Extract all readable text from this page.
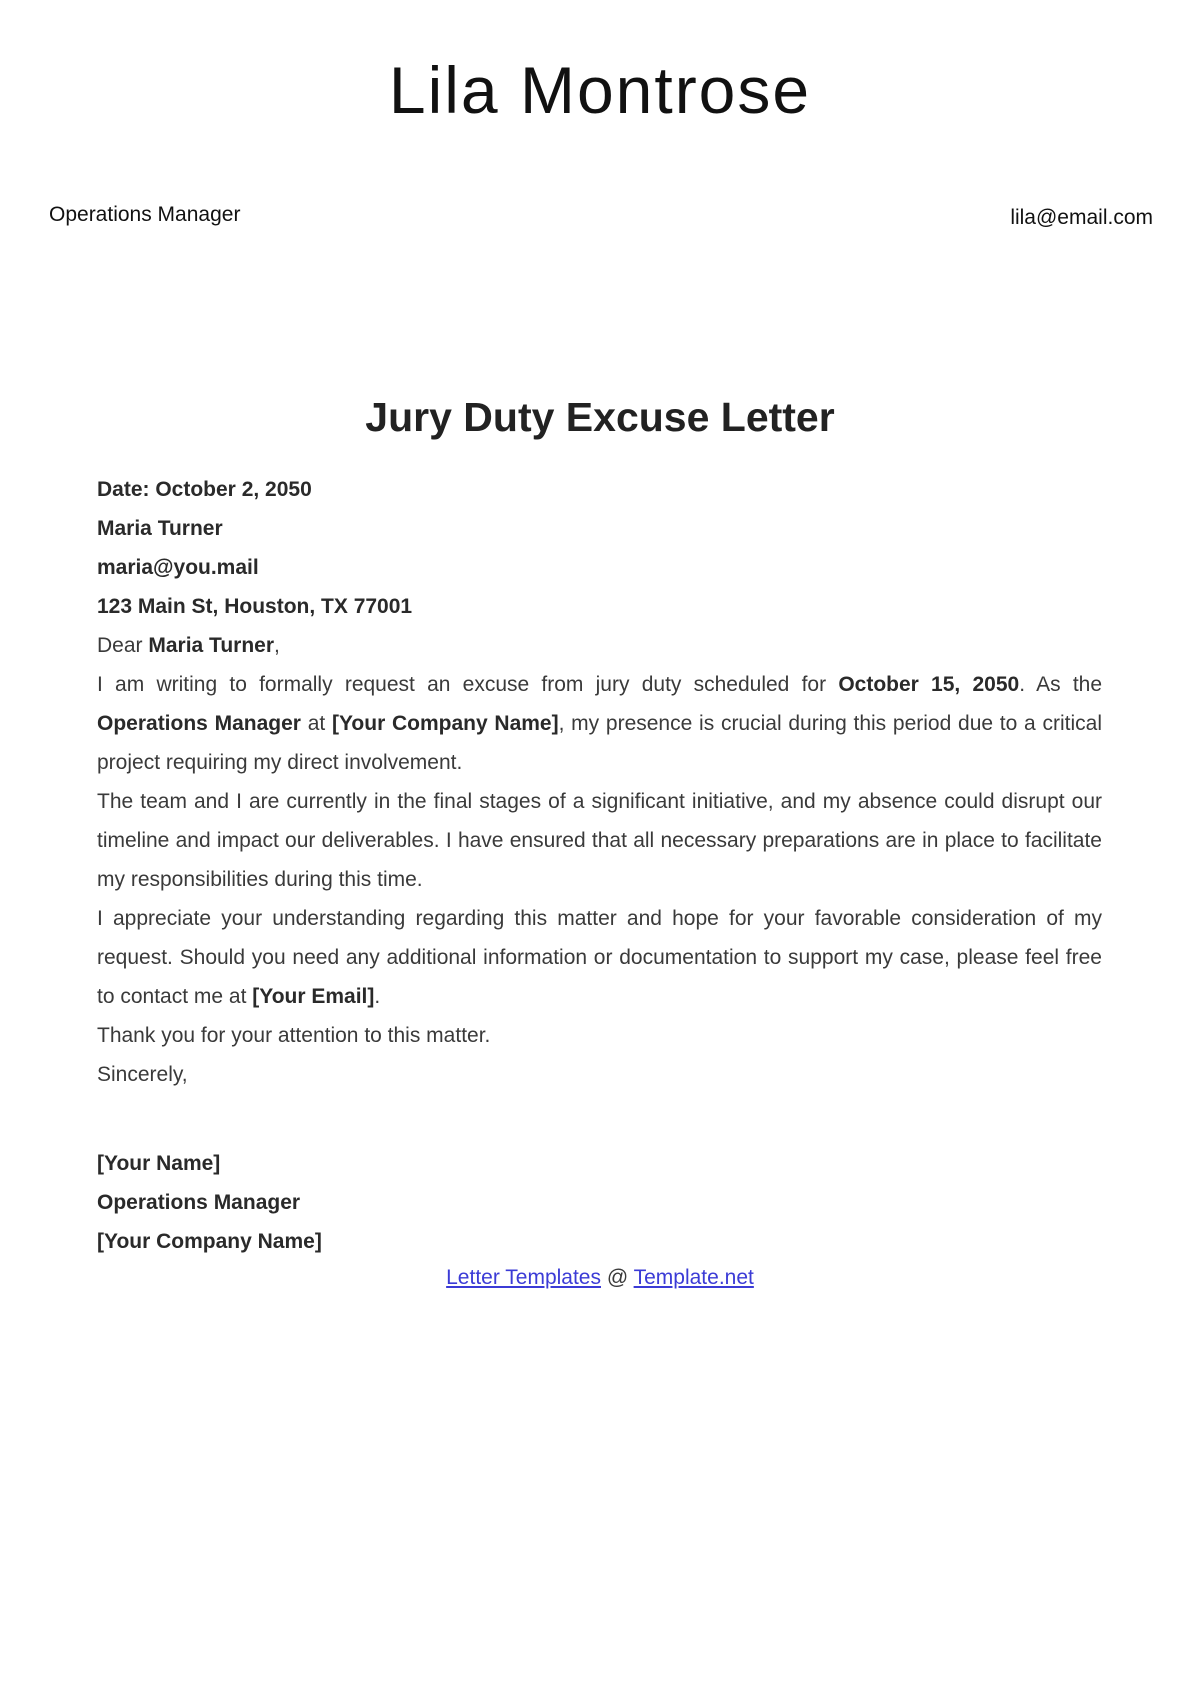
Lila Montrose
Operations Manager	lila@email.com
Jury Duty Excuse Letter
Date: October 2, 2050
Maria Turner
maria@you.mail
123 Main St, Houston, TX 77001
Dear Maria Turner,

I am writing to formally request an excuse from jury duty scheduled for October 15, 2050. As the Operations Manager at [Your Company Name], my presence is crucial during this period due to a critical project requiring my direct involvement.

The team and I are currently in the final stages of a significant initiative, and my absence could disrupt our timeline and impact our deliverables. I have ensured that all necessary preparations are in place to facilitate my responsibilities during this time.

I appreciate your understanding regarding this matter and hope for your favorable consideration of my request. Should you need any additional information or documentation to support my case, please feel free to contact me at [Your Email].

Thank you for your attention to this matter.
Sincerely,
[Your Name]
Operations Manager
[Your Company Name]
Letter Templates @ Template.net
